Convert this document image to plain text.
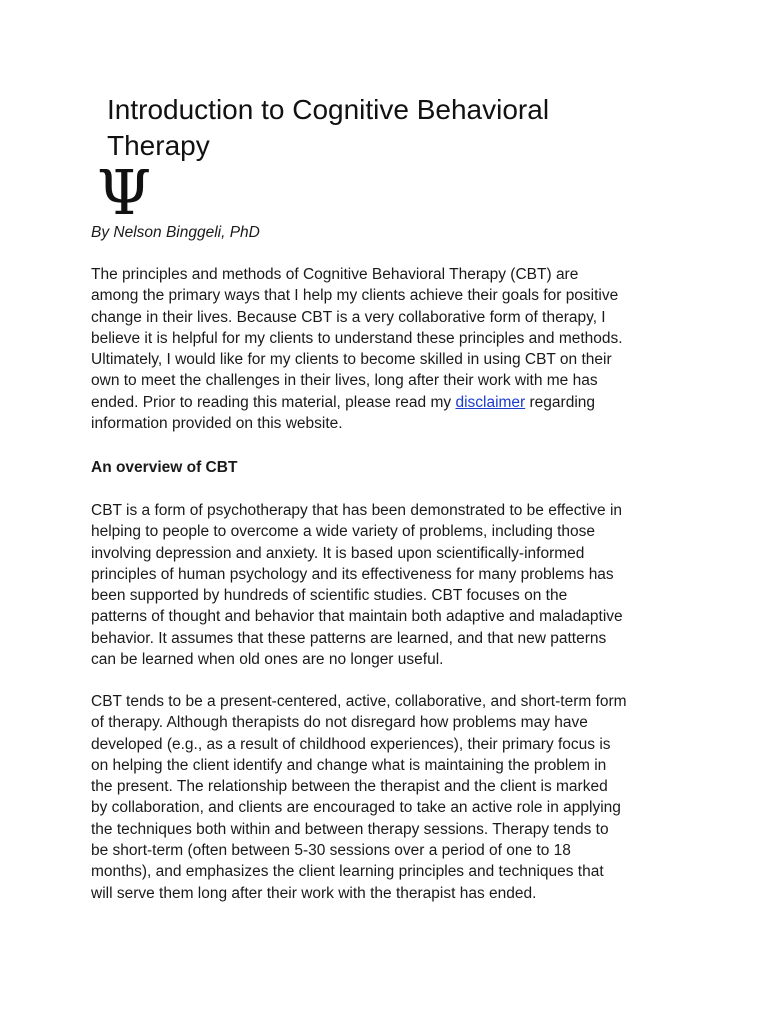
Introduction to Cognitive Behavioral
Therapy
Ψ

By Nelson Binggeli, PhD

The principles and methods of Cognitive Behavioral Therapy (CBT) are
among the primary ways that I help my clients achieve their goals for positive
change in their lives. Because CBT is a very collaborative form of therapy, I
believe it is helpful for my clients to understand these principles and methods.
Ultimately, I would like for my clients to become skilled in using CBT on their
own to meet the challenges in their lives, long after their work with me has
ended. Prior to reading this material, please read my disclaimer regarding
information provided on this website.

An overview of CBT

CBT is a form of psychotherapy that has been demonstrated to be effective in
helping to people to overcome a wide variety of problems, including those
involving depression and anxiety. It is based upon scientifically-informed
principles of human psychology and its effectiveness for many problems has
been supported by hundreds of scientific studies. CBT focuses on the
patterns of thought and behavior that maintain both adaptive and maladaptive
behavior. It assumes that these patterns are learned, and that new patterns
can be learned when old ones are no longer useful.

CBT tends to be a present-centered, active, collaborative, and short-term form
of therapy. Although therapists do not disregard how problems may have
developed (e.g., as a result of childhood experiences), their primary focus is
on helping the client identify and change what is maintaining the problem in
the present. The relationship between the therapist and the client is marked
by collaboration, and clients are encouraged to take an active role in applying
the techniques both within and between therapy sessions. Therapy tends to
be short-term (often between 5-30 sessions over a period of one to 18
months), and emphasizes the client learning principles and techniques that
will serve them long after their work with the therapist has ended.
